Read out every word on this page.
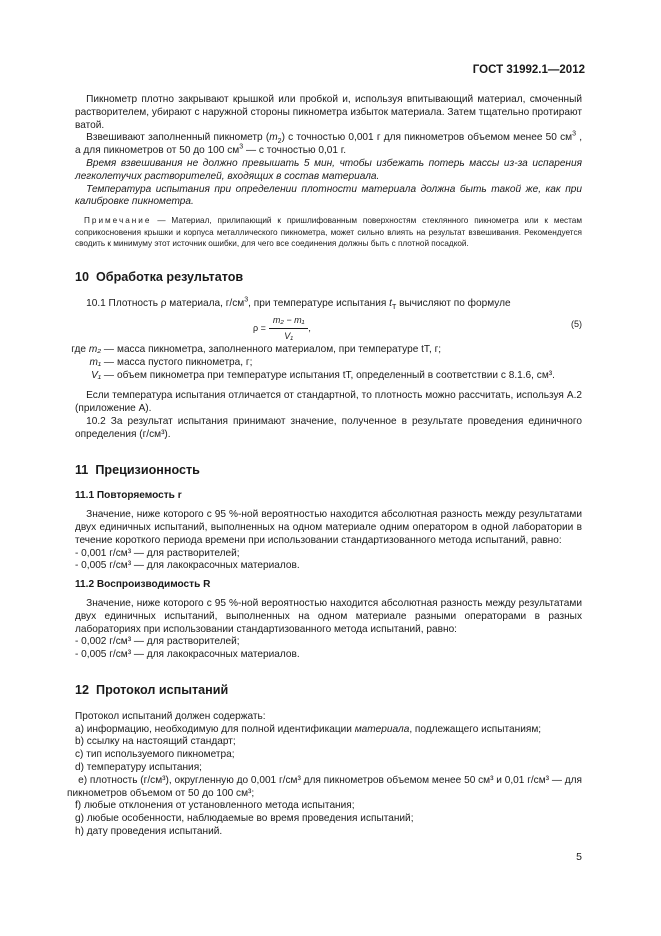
ГОСТ 31992.1—2012

Пикнометр плотно закрывают крышкой или пробкой и, используя впитывающий материал, смоченный растворителем, убирают с наружной стороны пикнометра избыток материала. Затем тщательно протирают ватой.

Взвешивают заполненный пикнометр $(m_2)$ с точностью 0,001 г для пикнометров объемом менее 50 $см^3$ , а для пикнометров от 50 до 100 $см^3$ — с точностью 0,01 г.

Время взвешивания не должно превышать 5 мин, чтобы избежать потерь массы из-за испарения легколетучих растворителей, входящих в состав материала.

Температура испытания при определении плотности материала должна быть такой же, как при калибровке пикнометра.

Примечание — Материал, прилипающий к пришлифованным поверхностям стеклянного пикнометра или к местам соприкосновения крышки и корпуса металлического пикнометра, может сильно влиять на результат взвешивания. Рекомендуется сводить к минимуму этот источник ошибки, для чего все соединения должны быть с плотной посадкой.

10 Обработка результатов

10.1 Плотность ρ материала, $г/см^3$, при температуре испытания $t_Т$ вычисляют по формуле

$\rho = \frac{\text{m₂ − m₁}}{\text{V₁}}$ ,	(5)
где m₂ — масса пикнометра, заполненного материалом, при температуре tТ, г;
m₁ — масса пустого пикнометра, г;
V₁ — объем пикнометра при температуре испытания tТ, определенный в соответствии с 8.1.6, см³.

Если температура испытания отличается от стандартной, то плотность можно рассчитать, используя А.2 (приложение А).

10.2 За результат испытания принимают значение, полученное в результате проведения единичного определения (г/см³).

11 Прецизионность
11.1 Повторяемость r

Значение, ниже которого с 95 %-ной вероятностью находится абсолютная разность между результатами двух единичных испытаний, выполненных на одном материале одним оператором в одной лаборатории в течение короткого периода времени при использовании стандартизованного метода испытаний, равно:

- 0,001 г/см³ — для растворителей;

- 0,005 г/см³ — для лакокрасочных материалов.

11.2 Воспроизводимость R

Значение, ниже которого с 95 %-ной вероятностью находится абсолютная разность между результатами двух единичных испытаний, выполненных на одном материале разными операторами в разных лабораториях при использовании стандартизованного метода испытаний, равно:

- 0,002 г/см³ — для растворителей;

- 0,005 г/см³ — для лакокрасочных материалов.

12 Протокол испытаний

Протокол испытаний должен содержать:

a) информацию, необходимую для полной идентификации материала, подлежащего испытаниям;

b) ссылку на настоящий стандарт;

c) тип используемого пикнометра;

d) температуру испытания;

e) плотность (г/см³), округленную до 0,001 г/см³ для пикнометров объемом менее 50 см³ и 0,01 г/см³ — для пикнометров объемом от 50 до 100 см³;

f) любые отклонения от установленного метода испытания;

g) любые особенности, наблюдаемые во время проведения испытаний;

h) дату проведения испытаний.

5
